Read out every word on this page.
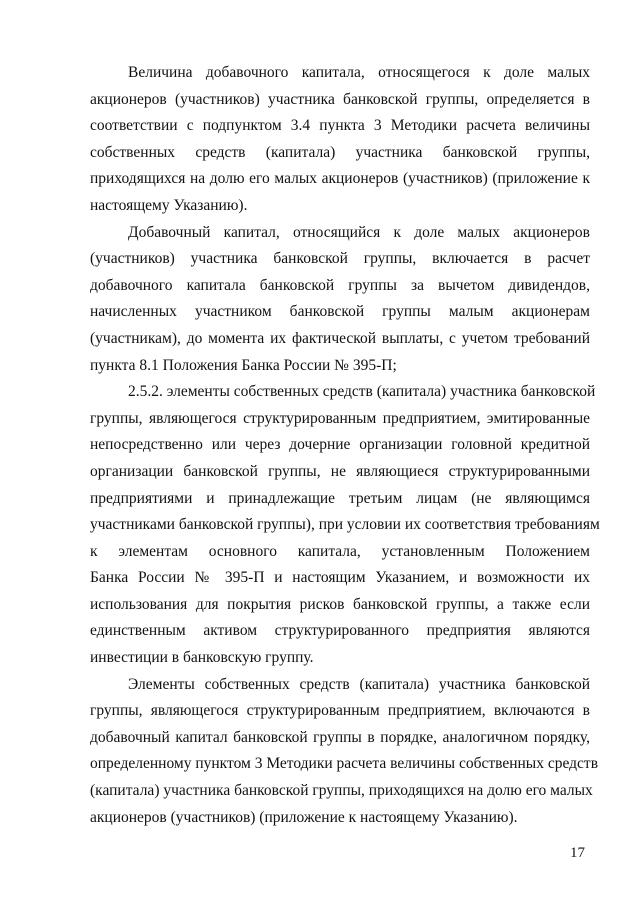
Величина добавочного капитала, относящегося к доле малых
акционеров (участников) участника банковской группы, определяется в
соответствии с подпунктом 3.4 пункта 3 Методики расчета величины
собственных средств (капитала) участника банковской группы,
приходящихся на долю его малых акционеров (участников) (приложение к
настоящему Указанию).

Добавочный капитал, относящийся к доле малых акционеров
(участников) участника банковской группы, включается в расчет
добавочного капитала банковской группы за вычетом дивидендов,
начисленных участником банковской группы малым акционерам
(участникам), до момента их фактической выплаты, с учетом требований
пункта 8.1 Положения Банка России № 395-П;

2.5.2. элементы собственных средств (капитала) участника банковской
группы, являющегося структурированным предприятием, эмитированные
непосредственно или через дочерние организации головной кредитной
организации банковской группы, не являющиеся структурированными
предприятиями и принадлежащие третьим лицам (не являющимся
участниками банковской группы), при условии их соответствия требованиям
к элементам основного капитала, установленным Положением
Банка России № 395-П и настоящим Указанием, и возможности их
использования для покрытия рисков банковской группы, а также если
единственным активом структурированного предприятия являются
инвестиции в банковскую группу.

Элементы собственных средств (капитала) участника банковской
группы, являющегося структурированным предприятием, включаются в
добавочный капитал банковской группы в порядке, аналогичном порядку,
определенному пунктом 3 Методики расчета величины собственных средств
(капитала) участника банковской группы, приходящихся на долю его малых
акционеров (участников) (приложение к настоящему Указанию).

17
